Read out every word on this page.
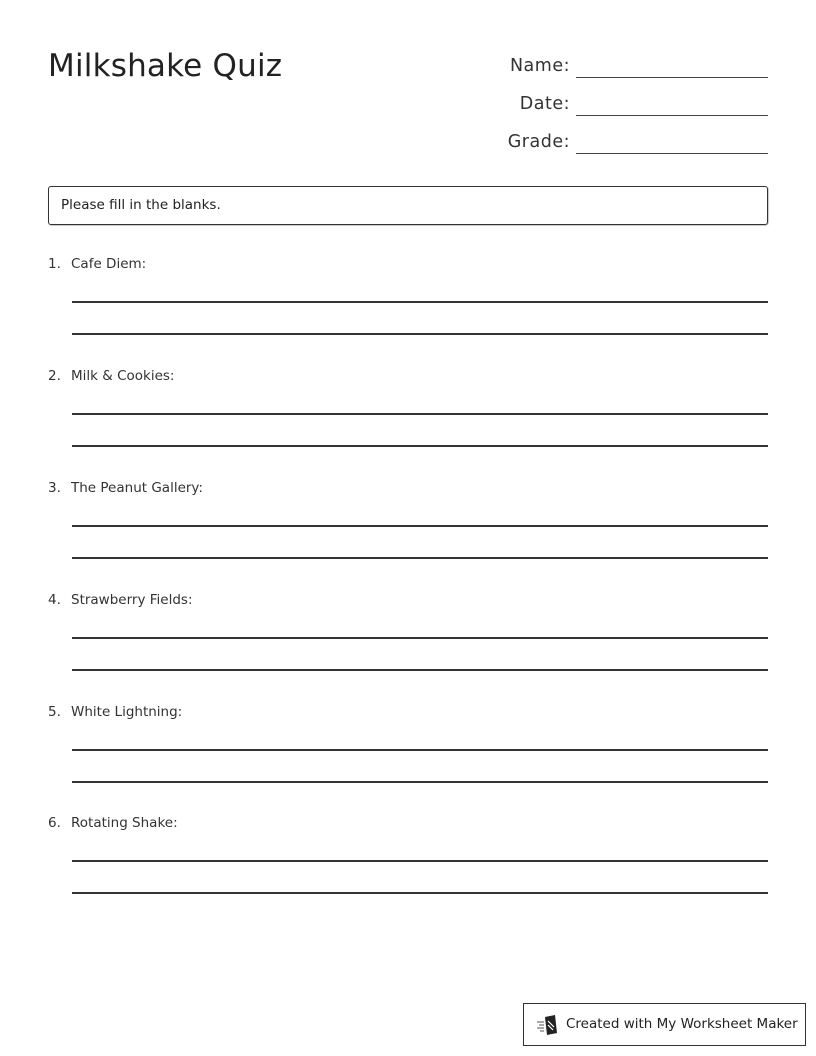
Milkshake Quiz	Name:
Date:
Grade:
Please fill in the blanks.
1. Cafe Diem:
2. Milk & Cookies:
3. The Peanut Gallery:
4. Strawberry Fields:
5. White Lightning:
6. Rotating Shake:
Created with My Worksheet Maker
